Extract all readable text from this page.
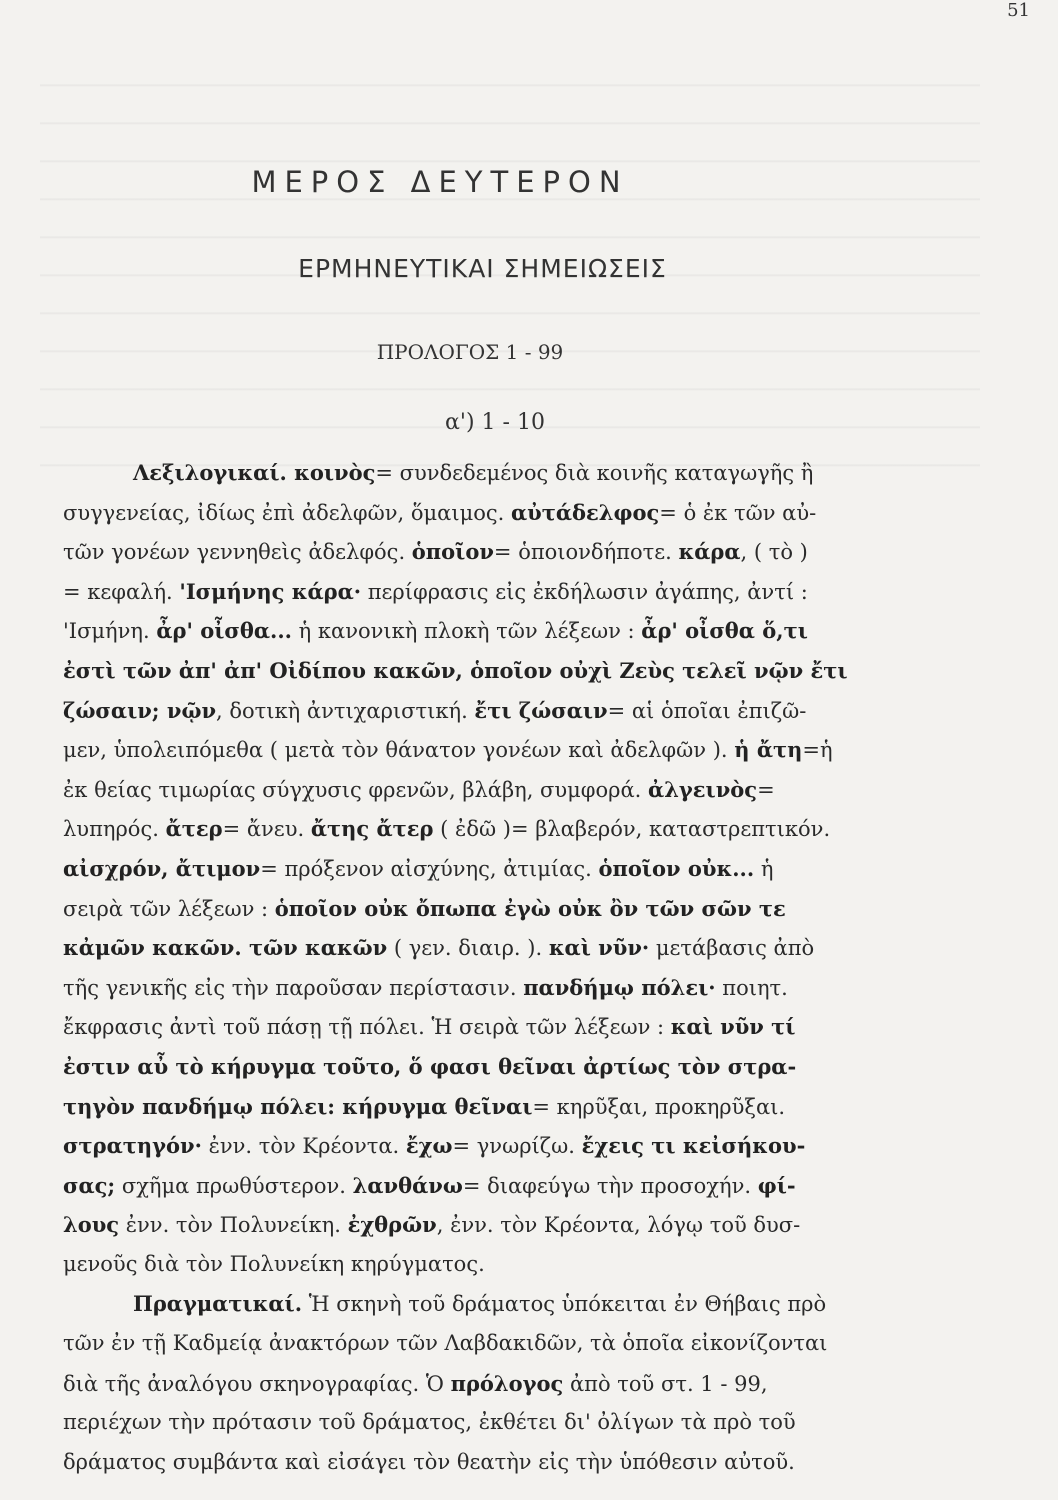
51
ΜΕΡΟΣ ΔΕΥΤΕΡΟΝ
ΕΡΜΗΝΕΥΤΙΚΑΙ ΣΗΜΕΙΩΣΕΙΣ
ΠΡΟΛΟΓΟΣ 1 - 99
α') 1 - 10
Λεξιλογικαί. κοινὸς= συνδεδεμένος διὰ κοινῆς καταγωγῆς ἢ
συγγενείας, ἰδίως ἐπὶ ἀδελφῶν, ὅμαιμος. αὐτάδελφος= ὁ ἐκ τῶν αὐ-
τῶν γονέων γεννηθεὶς ἀδελφός. ὁποῖον= ὁποιονδήποτε. κάρα, ( τὸ )
= κεφαλή. 'Ισμήνης κάρα· περίφρασις εἰς ἐκδήλωσιν ἀγάπης, ἀντί :
'Ισμήνη. ἆρ' οἶσθα... ἡ κανονικὴ πλοκὴ τῶν λέξεων : ἆρ' οἶσθα ὅ,τι
ἐστὶ τῶν ἀπ' ἀπ' Οἰδίπου κακῶν, ὁποῖον οὐχὶ Ζεὺς τελεῖ νῷν ἔτι
ζώσαιν; νῷν, δοτικὴ ἀντιχαριστική. ἔτι ζώσαιν= αἱ ὁποῖαι ἐπιζῶ-
μεν, ὑπολειπόμεθα ( μετὰ τὸν θάνατον γονέων καὶ ἀδελφῶν ). ἡ ἄτη=ἡ
ἐκ θείας τιμωρίας σύγχυσις φρενῶν, βλάβη, συμφορά. ἀλγεινὸς=
λυπηρός. ἄτερ= ἄνευ. ἄτης ἄτερ ( ἐδῶ )= βλαβερόν, καταστρεπτικόν.
αἰσχρόν, ἄτιμον= πρόξενον αἰσχύνης, ἀτιμίας. ὁποῖον οὐκ... ἡ
σειρὰ τῶν λέξεων : ὁποῖον οὐκ ὄπωπα ἐγὼ οὐκ ὂν τῶν σῶν τε
κἀμῶν κακῶν. τῶν κακῶν ( γεν. διαιρ. ). καὶ νῦν· μετάβασις ἀπὸ
τῆς γενικῆς εἰς τὴν παροῦσαν περίστασιν. πανδήμῳ πόλει· ποιητ.
ἔκφρασις ἀντὶ τοῦ πάσῃ τῇ πόλει. Ἡ σειρὰ τῶν λέξεων : καὶ νῦν τί
ἐστιν αὖ τὸ κήρυγμα τοῦτο, ὅ φασι θεῖναι ἀρτίως τὸν στρα-
τηγὸν πανδήμῳ πόλει: κήρυγμα θεῖναι= κηρῦξαι, προκηρῦξαι.
στρατηγόν· ἐνν. τὸν Κρέοντα. ἔχω= γνωρίζω. ἔχεις τι κεἰσήκου-
σας; σχῆμα πρωθύστερον. λανθάνω= διαφεύγω τὴν προσοχήν. φί-
λους ἐνν. τὸν Πολυνείκη. ἐχθρῶν, ἐνν. τὸν Κρέοντα, λόγῳ τοῦ δυσ-
μενοῦς διὰ τὸν Πολυνείκη κηρύγματος.
Πραγματικαί. Ἡ σκηνὴ τοῦ δράματος ὑπόκειται ἐν Θήβαις πρὸ
τῶν ἐν τῇ Καδμείᾳ ἀνακτόρων τῶν Λαβδακιδῶν, τὰ ὁποῖα εἰκονίζονται
διὰ τῆς ἀναλόγου σκηνογραφίας. Ὁ πρόλογος ἀπὸ τοῦ στ. 1 - 99,
περιέχων τὴν πρότασιν τοῦ δράματος, ἐκθέτει δι' ὀλίγων τὰ πρὸ τοῦ
δράματος συμβάντα καὶ εἰσάγει τὸν θεατὴν εἰς τὴν ὑπόθεσιν αὐτοῦ.
